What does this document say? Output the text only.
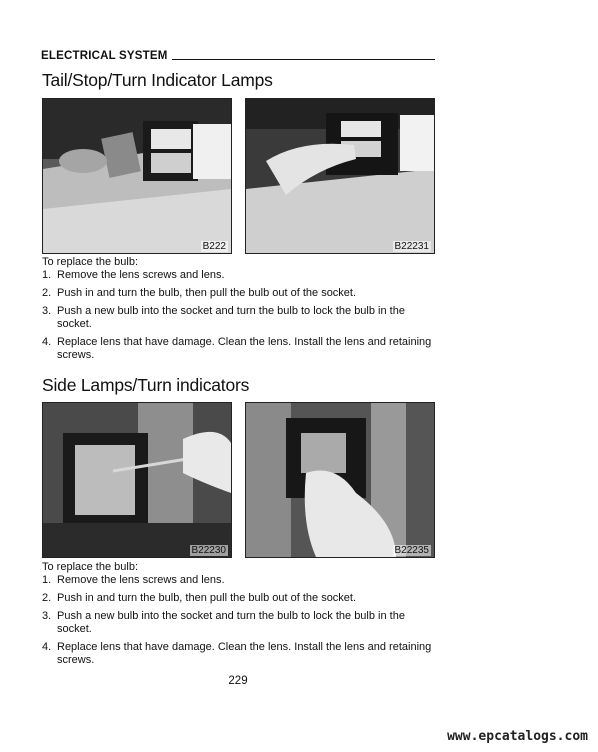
ELECTRICAL SYSTEM
Tail/Stop/Turn Indicator Lamps
B222	B22231

To replace the bulb:

1. Remove the lens screws and lens.
2. Push in and turn the bulb, then pull the bulb out of the socket.
3. Push a new bulb into the socket and turn the bulb to lock the bulb in the socket.
4. Replace lens that have damage. Clean the lens. Install the lens and retaining screws.
Side Lamps/Turn indicators
B22230	B22235

To replace the bulb:

1. Remove the lens screws and lens.
2. Push in and turn the bulb, then pull the bulb out of the socket.
3. Push a new bulb into the socket and turn the bulb to lock the bulb in the socket.
4. Replace lens that have damage. Clean the lens. Install the lens and retaining screws.
229
www.epcatalogs.com
